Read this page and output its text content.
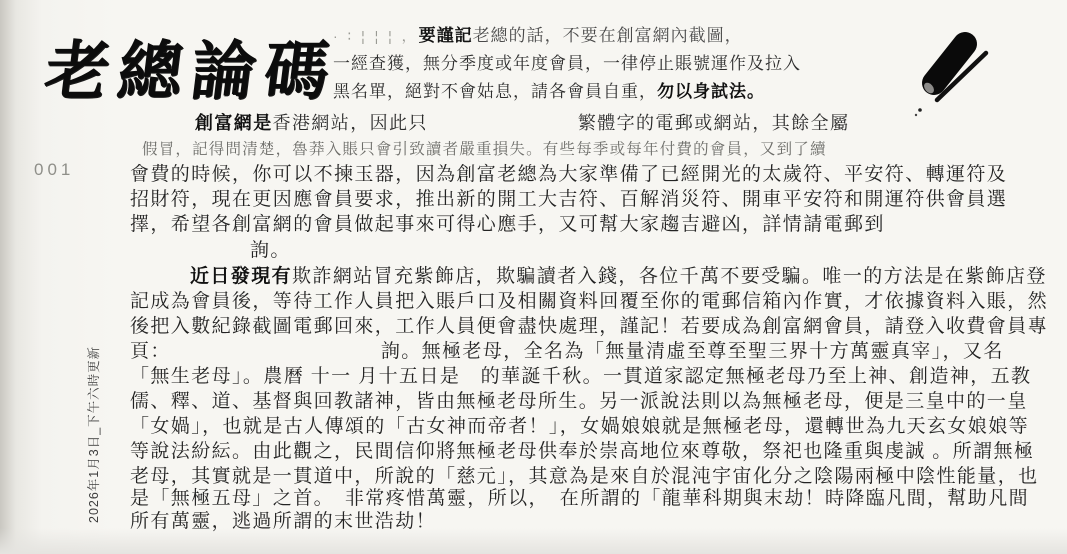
老總論碼
· ∶ ¦ ¦ ¦ ，要謹記老總的話，不要在創富網內截圖，
一經查獲，無分季度或年度會員，一律停止賬號運作及拉入
黑名單，絕對不會姑息，請各會員自重，勿以身試法。
001
2026年1月3日_下午六時更新
創富網是香港網站，因此只	繁體字的電郵或網站，其餘全屬
假冒，記得問清楚，魯莽入賬只會引致讀者嚴重損失。有些每季或每年付費的會員，又到了續
會費的時候，你可以不揀玉器，因為創富老總為大家準備了已經開光的太歲符、平安符、轉運符及
招財符，現在更因應會員要求，推出新的開工大吉符、百解消災符、開車平安符和開運符供會員選
擇，希望各創富網的會員做起事來可得心應手，又可幫大家趨吉避凶，詳情請電郵到
詢。
近日發現有欺詐網站冒充紫飾店，欺騙讀者入錢，各位千萬不要受騙。唯一的方法是在紫飾店登
記成為會員後，等待工作人員把入賬戶口及相關資料回覆至你的電郵信箱內作實，才依據資料入賬，然
後把入數紀錄截圖電郵回來，工作人員便會盡快處理，謹記！若要成為創富網會員，請登入收費會員專
頁：	詢。無極老母，全名為「無量清虛至尊至聖三界十方萬靈真宰」，又名
「無生老母」。農曆 十一 月十五日是　的華誕千秋。一貫道家認定無極老母乃至上神、創造神，五教
儒、釋、道、基督與回教諸神，皆由無極老母所生。另一派說法則以為無極老母，便是三皇中的一皇
「女媧」，也就是古人傳頌的「古女神而帝者！」，女媧娘娘就是無極老母，還轉世為九天玄女娘娘等
等說法紛紜。由此觀之，民間信仰將無極老母供奉於崇高地位來尊敬，祭祀也隆重與虔誠 。所謂無極
老母，其實就是一貫道中，所說的「慈元」，其意為是來自於混沌宇宙化分之陰陽兩極中陰性能量，也
是「無極五母」之首。　非常疼惜萬靈，所以，　在所謂的「龍華科期與末劫！時降臨凡間，幫助凡間
所有萬靈，逃過所謂的末世浩劫！
